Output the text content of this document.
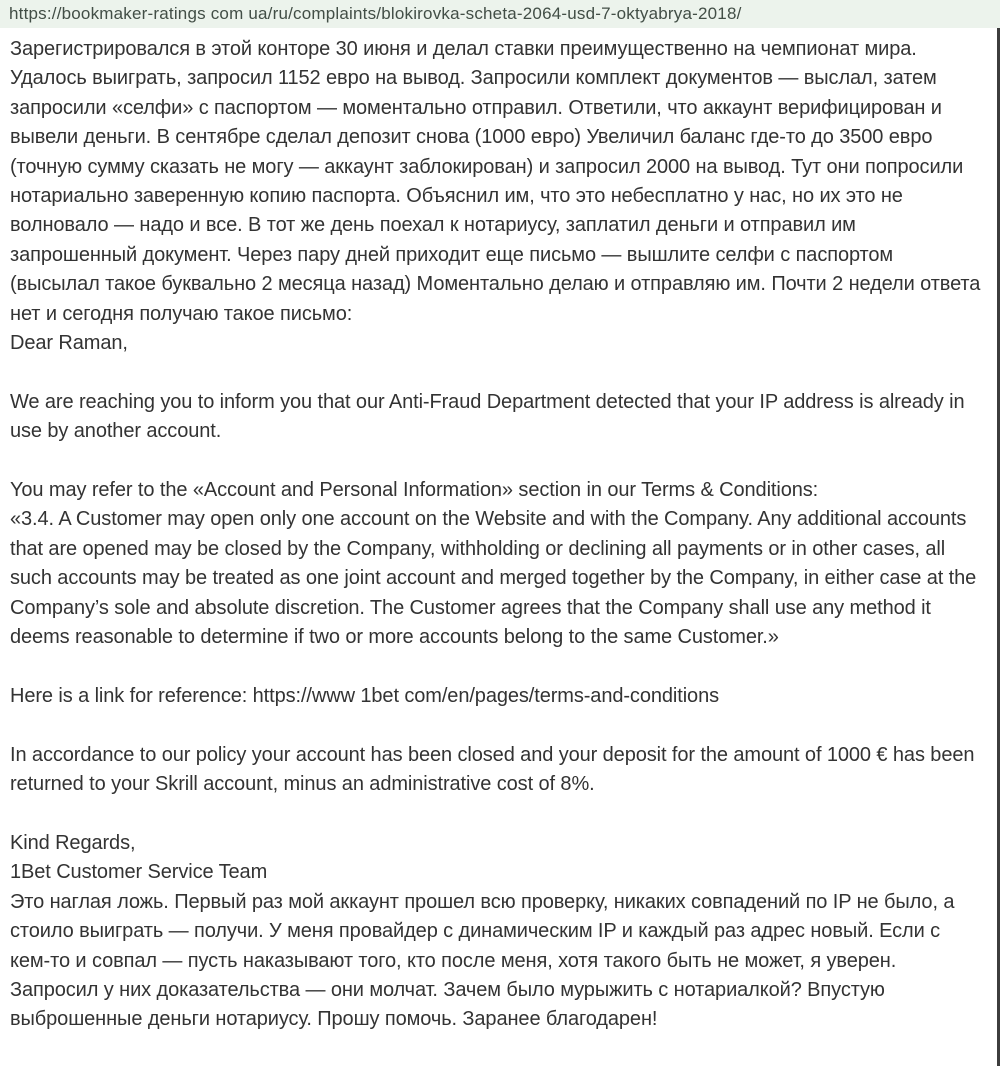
https://bookmaker-ratings com ua/ru/complaints/blokirovka-scheta-2064-usd-7-oktyabrya-2018/
Зарегистрировался в этой конторе 30 июня и делал ставки преимущественно на чемпионат мира. Удалось выиграть, запросил 1152 евро на вывод. Запросили комплект документов — выслал, затем запросили «селфи» с паспортом — моментально отправил. Ответили, что аккаунт верифицирован и вывели деньги. В сентябре сделал депозит снова (1000 евро) Увеличил баланс где-то до 3500 евро (точную сумму сказать не могу — аккаунт заблокирован) и запросил 2000 на вывод. Тут они попросили нотариально заверенную копию паспорта. Объяснил им, что это небесплатно у нас, но их это не волновало — надо и все. В тот же день поехал к нотариусу, заплатил деньги и отправил им запрошенный документ. Через пару дней приходит еще письмо — вышлите селфи с паспортом (высылал такое буквально 2 месяца назад) Моментально делаю и отправляю им. Почти 2 недели ответа нет и сегодня получаю такое письмо:
Dear Raman,
We are reaching you to inform you that our Anti-Fraud Department detected that your IP address is already in use by another account.
You may refer to the «Account and Personal Information» section in our Terms & Conditions:
«3.4. A Customer may open only one account on the Website and with the Company. Any additional accounts that are opened may be closed by the Company, withholding or declining all payments or in other cases, all such accounts may be treated as one joint account and merged together by the Company, in either case at the Company’s sole and absolute discretion. The Customer agrees that the Company shall use any method it deems reasonable to determine if two or more accounts belong to the same Customer.»
Here is a link for reference: https://www 1bet com/en/pages/terms-and-conditions
In accordance to our policy your account has been closed and your deposit for the amount of 1000 € has been returned to your Skrill account, minus an administrative cost of 8%.
Kind Regards,
1Bet Customer Service Team
Это наглая ложь. Первый раз мой аккаунт прошел всю проверку, никаких совпадений по IP не было, а стоило выиграть — получи. У меня провайдер с динамическим IP и каждый раз адрес новый. Если с кем-то и совпал — пусть наказывают того, кто после меня, хотя такого быть не может, я уверен. Запросил у них доказательства — они молчат. Зачем было мурыжить с нотариалкой? Впустую выброшенные деньги нотариусу. Прошу помочь. Заранее благодарен!
